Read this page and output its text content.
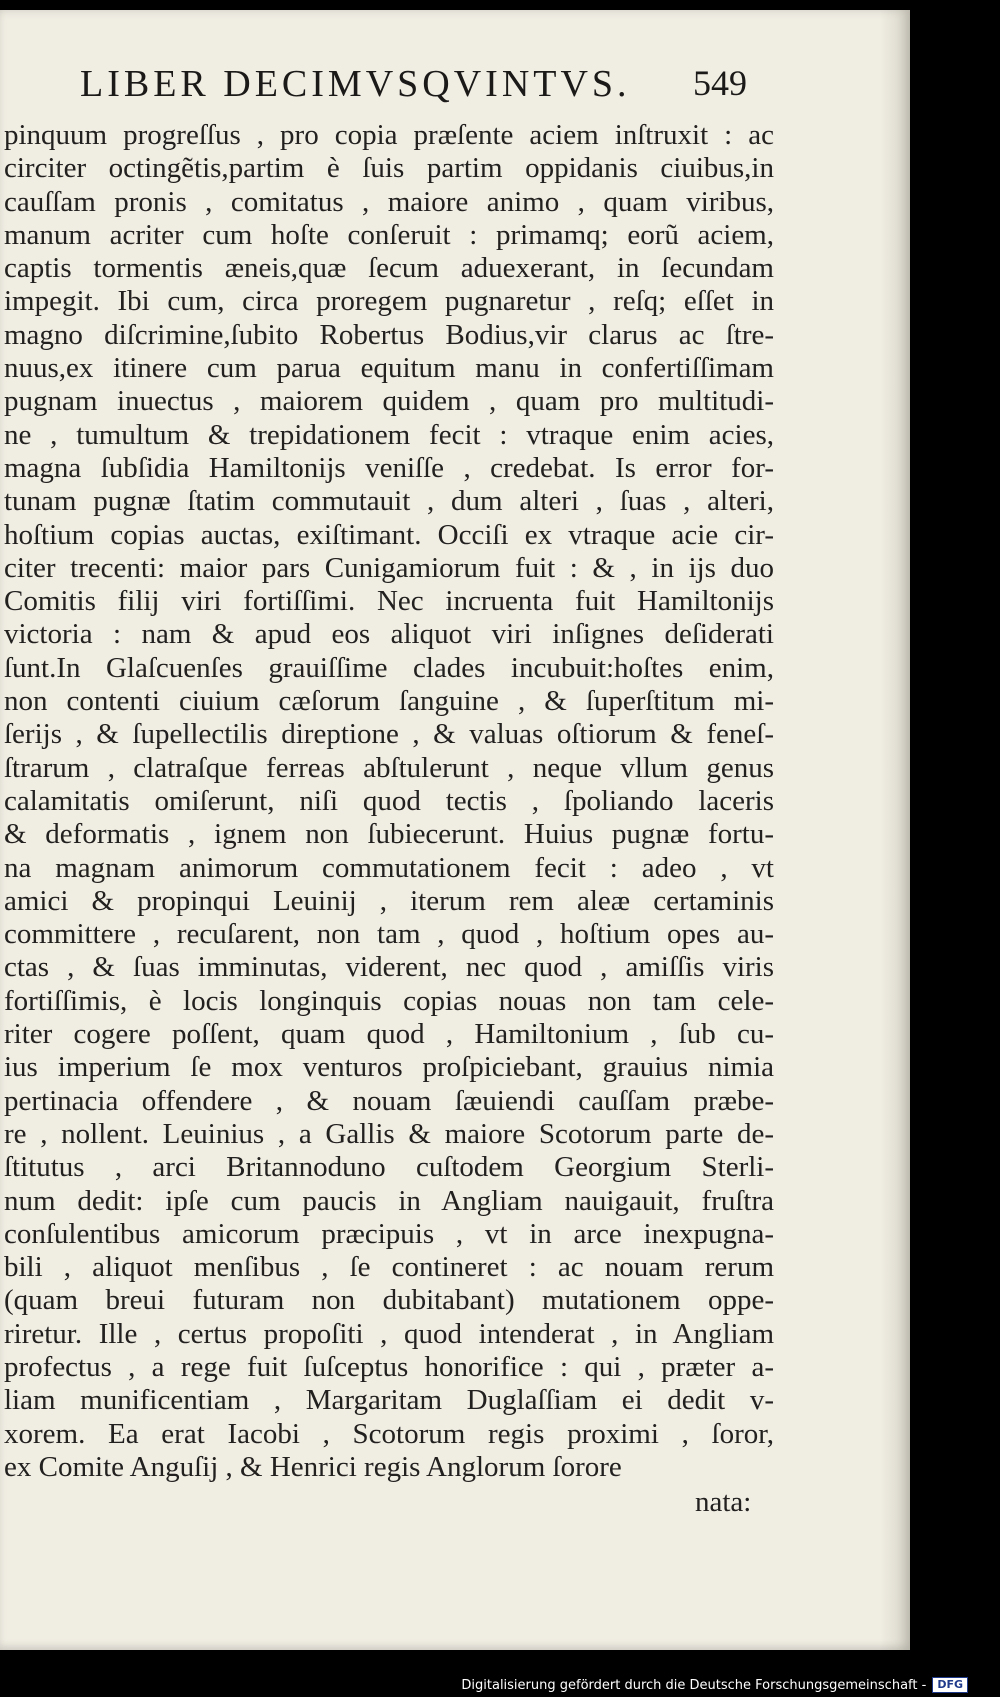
LIBER DECIMVSQVINTVS.	549
pinquum progreſſus , pro copia præſente aciem inſtruxit : ac
circiter octingẽtis,partim è ſuis partim oppidanis ciuibus,in
cauſſam pronis , comitatus , maiore animo , quam viribus,
manum acriter cum hoſte conſeruit : primamq; eorũ aciem,
captis tormentis æneis,quæ ſecum aduexerant, in ſecundam
impegit. Ibi cum, circa proregem pugnaretur , reſq; eſſet in
magno diſcrimine,ſubito Robertus Bodius,vir clarus ac ſtre-
nuus,ex itinere cum parua equitum manu in confertiſſimam
pugnam inuectus , maiorem quidem , quam pro multitudi-
ne , tumultum & trepidationem fecit : vtraque enim acies,
magna ſubſidia Hamiltonijs veniſſe , credebat. Is error for-
tunam pugnæ ſtatim commutauit , dum alteri , ſuas , alteri,
hoſtium copias auctas, exiſtimant. Occiſi ex vtraque acie cir-
citer trecenti: maior pars Cunigamiorum fuit : & , in ijs duo
Comitis filij viri fortiſſimi. Nec incruenta fuit Hamiltonijs
victoria : nam & apud eos aliquot viri inſignes deſiderati
ſunt.In Glaſcuenſes grauiſſime clades incubuit:hoſtes enim,
non contenti ciuium cæſorum ſanguine , & ſuperſtitum mi-
ſerijs , & ſupellectilis direptione , & valuas oſtiorum & feneſ-
ſtrarum , clatraſque ferreas abſtulerunt , neque vllum genus
calamitatis omiſerunt, niſi quod tectis , ſpoliando laceris
& deformatis , ignem non ſubiecerunt. Huius pugnæ fortu-
na magnam animorum commutationem fecit : adeo , vt
amici & propinqui Leuinij , iterum rem aleæ certaminis
committere , recuſarent, non tam , quod , hoſtium opes au-
ctas , & ſuas imminutas, viderent, nec quod , amiſſis viris
fortiſſimis, è locis longinquis copias nouas non tam cele-
riter cogere poſſent, quam quod , Hamiltonium , ſub cu-
ius imperium ſe mox venturos proſpiciebant, grauius nimia
pertinacia offendere , & nouam ſæuiendi cauſſam præbe-
re , nollent. Leuinius , a Gallis & maiore Scotorum parte de-
ſtitutus , arci Britannoduno cuſtodem Georgium Sterli-
num dedit: ipſe cum paucis in Angliam nauigauit, fruſtra
conſulentibus amicorum præcipuis , vt in arce inexpugna-
bili , aliquot menſibus , ſe contineret : ac nouam rerum
(quam breui futuram non dubitabant) mutationem oppe-
riretur. Ille , certus propoſiti , quod intenderat , in Angliam
profectus , a rege fuit ſuſceptus honorifice : qui , præter a-
liam munificentiam , Margaritam Duglaſſiam ei dedit v-
xorem. Ea erat Iacobi , Scotorum regis proximi , ſoror,
ex Comite Anguſij , & Henrici regis Anglorum ſorore
nata:
Digitalisierung gefördert durch die Deutsche Forschungsgemeinschaft -	DFG
